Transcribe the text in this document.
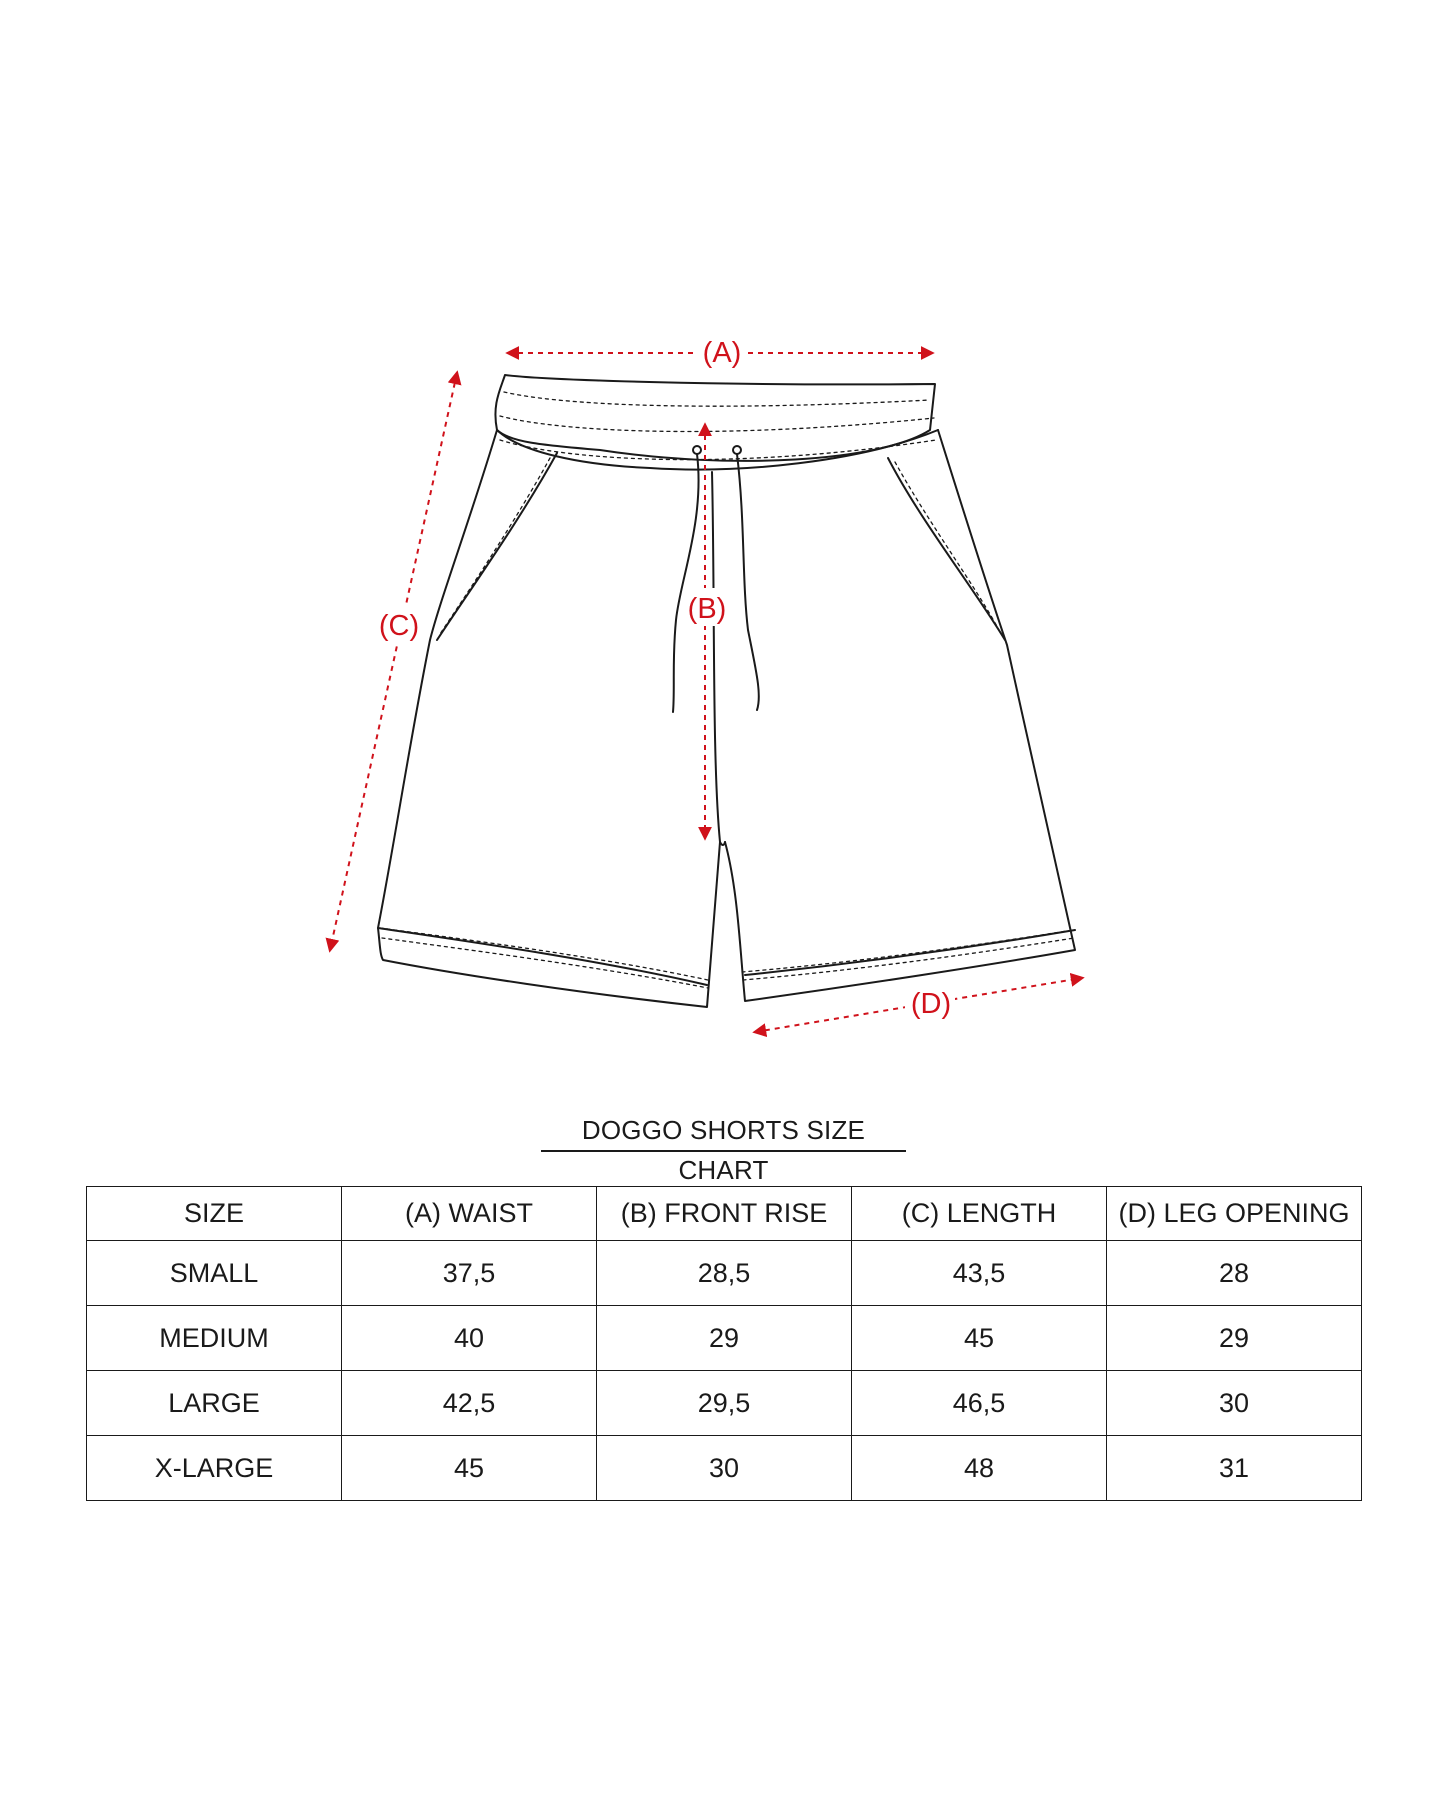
(A)
(B)
(C)
(D)
DOGGO SHORTS SIZE CHART
SIZE	(A) WAIST	(B) FRONT RISE	(C) LENGTH	(D) LEG OPENING
SMALL	37,5	28,5	43,5	28
MEDIUM	40	29	45	29
LARGE	42,5	29,5	46,5	30
X-LARGE	45	30	48	31
